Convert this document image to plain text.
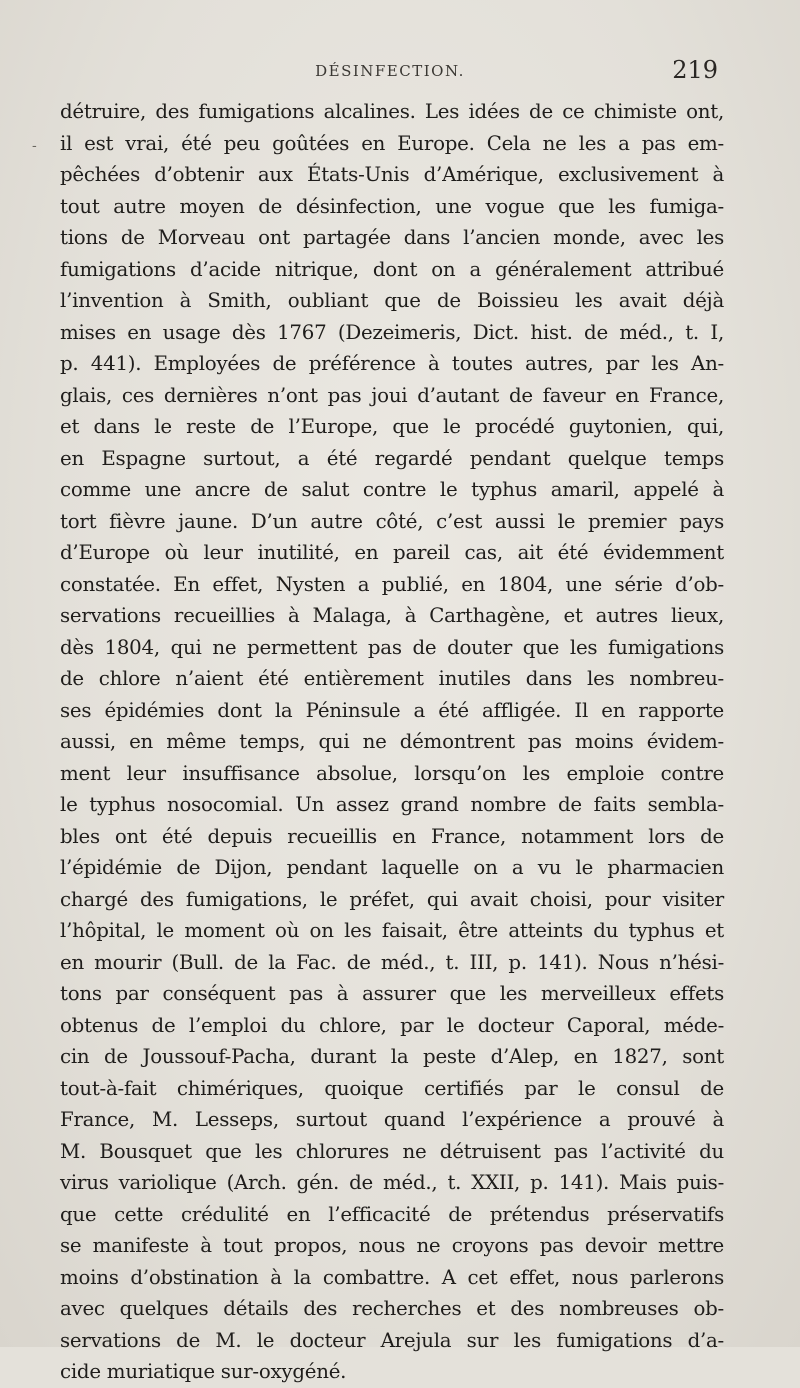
DÉSINFECTION.	219
-
détruire, des fumigations alcalines. Les idées de ce chimiste ont,
il est vrai, été peu goûtées en Europe. Cela ne les a pas em-
pêchées d’obtenir aux États-Unis d’Amérique, exclusivement à
tout autre moyen de désinfection, une vogue que les fumiga-
tions de Morveau ont partagée dans l’ancien monde, avec les
fumigations d’acide nitrique, dont on a généralement attribué
l’invention à Smith, oubliant que de Boissieu les avait déjà
mises en usage dès 1767 (Dezeimeris, Dict. hist. de méd., t. I,
p. 441). Employées de préférence à toutes autres, par les An-
glais, ces dernières n’ont pas joui d’autant de faveur en France,
et dans le reste de l’Europe, que le procédé guytonien, qui,
en Espagne surtout, a été regardé pendant quelque temps
comme une ancre de salut contre le typhus amaril, appelé à
tort fièvre jaune. D’un autre côté, c’est aussi le premier pays
d’Europe où leur inutilité, en pareil cas, ait été évidemment
constatée. En effet, Nysten a publié, en 1804, une série d’ob-
servations recueillies à Malaga, à Carthagène, et autres lieux,
dès 1804, qui ne permettent pas de douter que les fumigations
de chlore n’aient été entièrement inutiles dans les nombreu-
ses épidémies dont la Péninsule a été affligée. Il en rapporte
aussi, en même temps, qui ne démontrent pas moins évidem-
ment leur insuffisance absolue, lorsqu’on les emploie contre
le typhus nosocomial. Un assez grand nombre de faits sembla-
bles ont été depuis recueillis en France, notamment lors de
l’épidémie de Dijon, pendant laquelle on a vu le pharmacien
chargé des fumigations, le préfet, qui avait choisi, pour visiter
l’hôpital, le moment où on les faisait, être atteints du typhus et
en mourir (Bull. de la Fac. de méd., t. III, p. 141). Nous n’hési-
tons par conséquent pas à assurer que les merveilleux effets
obtenus de l’emploi du chlore, par le docteur Caporal, méde-
cin de Joussouf-Pacha, durant la peste d’Alep, en 1827, sont
tout-à-fait chimériques, quoique certifiés par le consul de
France, M. Lesseps, surtout quand l’expérience a prouvé à
M. Bousquet que les chlorures ne détruisent pas l’activité du
virus variolique (Arch. gén. de méd., t. XXII, p. 141). Mais puis-
que cette crédulité en l’efficacité de prétendus préservatifs
se manifeste à tout propos, nous ne croyons pas devoir mettre
moins d’obstination à la combattre. A cet effet, nous parlerons
avec quelques détails des recherches et des nombreuses ob-
servations de M. le docteur Arejula sur les fumigations d’a-
cide muriatique sur-oxygéné.
